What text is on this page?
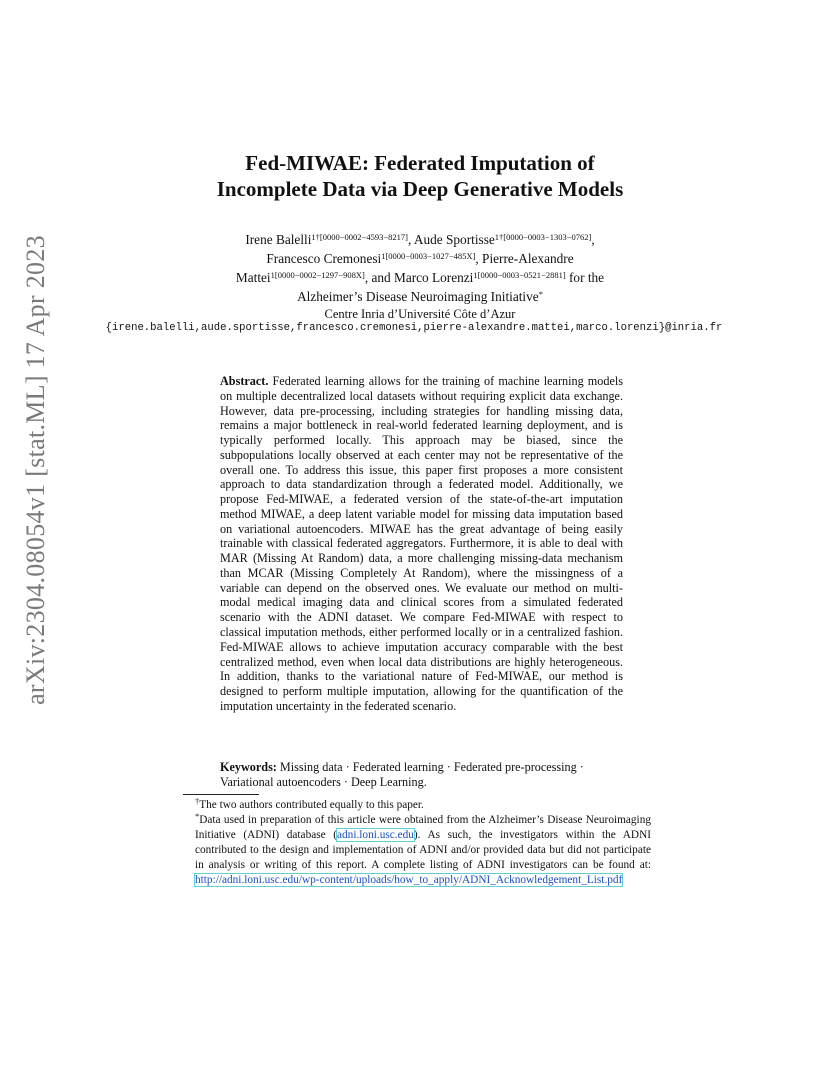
arXiv:2304.08054v1 [stat.ML] 17 Apr 2023
Fed-MIWAE: Federated Imputation of
Incomplete Data via Deep Generative Models
Irene Balelli$^{1\dagger[0000-0002-4593-8217]}$, Aude Sportisse$^{1\dagger[0000-0003-1303-0762]}$,
Francesco Cremonesi$^{1[0000-0003-1027-485X]}$, Pierre-Alexandre
Mattei$^{1[0000-0002-1297-908X]}$, and Marco Lorenzi$^{1[0000-0003-0521-2881]}$ for the
Alzheimer’s Disease Neuroimaging Initiative*
Centre Inria d’Université Côte d’Azur
{irene.balelli,aude.sportisse,francesco.cremonesi,pierre-alexandre.mattei,marco.lorenzi}@inria.fr
Abstract. Federated learning allows for the training of machine learning models on multiple decentralized local datasets without requiring explicit data exchange. However, data pre-processing, including strategies for handling missing data, remains a major bottleneck in real-world federated learning deployment, and is typically performed locally. This approach may be biased, since the subpopulations locally observed at each center may not be representative of the overall one. To address this issue, this paper first proposes a more consistent approach to data standardization through a federated model. Additionally, we propose Fed-MIWAE, a federated version of the state-of-the-art imputation method MIWAE, a deep latent variable model for missing data imputation based on variational autoencoders. MIWAE has the great advantage of being easily trainable with classical federated aggregators. Furthermore, it is able to deal with MAR (Missing At Random) data, a more challenging missing-data mechanism than MCAR (Missing Completely At Random), where the missingness of a variable can depend on the observed ones. We evaluate our method on multi-modal medical imaging data and clinical scores from a simulated federated scenario with the ADNI dataset. We compare Fed-MIWAE with respect to classical imputation methods, either performed locally or in a centralized fashion. Fed-MIWAE allows to achieve imputation accuracy comparable with the best centralized method, even when local data distributions are highly heterogeneous. In addition, thanks to the variational nature of Fed-MIWAE, our method is designed to perform multiple imputation, allowing for the quantification of the imputation uncertainty in the federated scenario.
Keywords: Missing data · Federated learning · Federated pre-processing · Variational autoencoders · Deep Learning.
†The two authors contributed equally to this paper.
*Data used in preparation of this article were obtained from the Alzheimer’s Disease Neuroimaging Initiative (ADNI) database (adni.loni.usc.edu). As such, the investigators within the ADNI contributed to the design and implementation of ADNI and/or provided data but did not participate in analysis or writing of this report. A complete listing of ADNI investigators can be found at: http://adni.loni.usc.edu/wp-content/uploads/how_to_apply/ADNI_Acknowledgement_List.pdf
